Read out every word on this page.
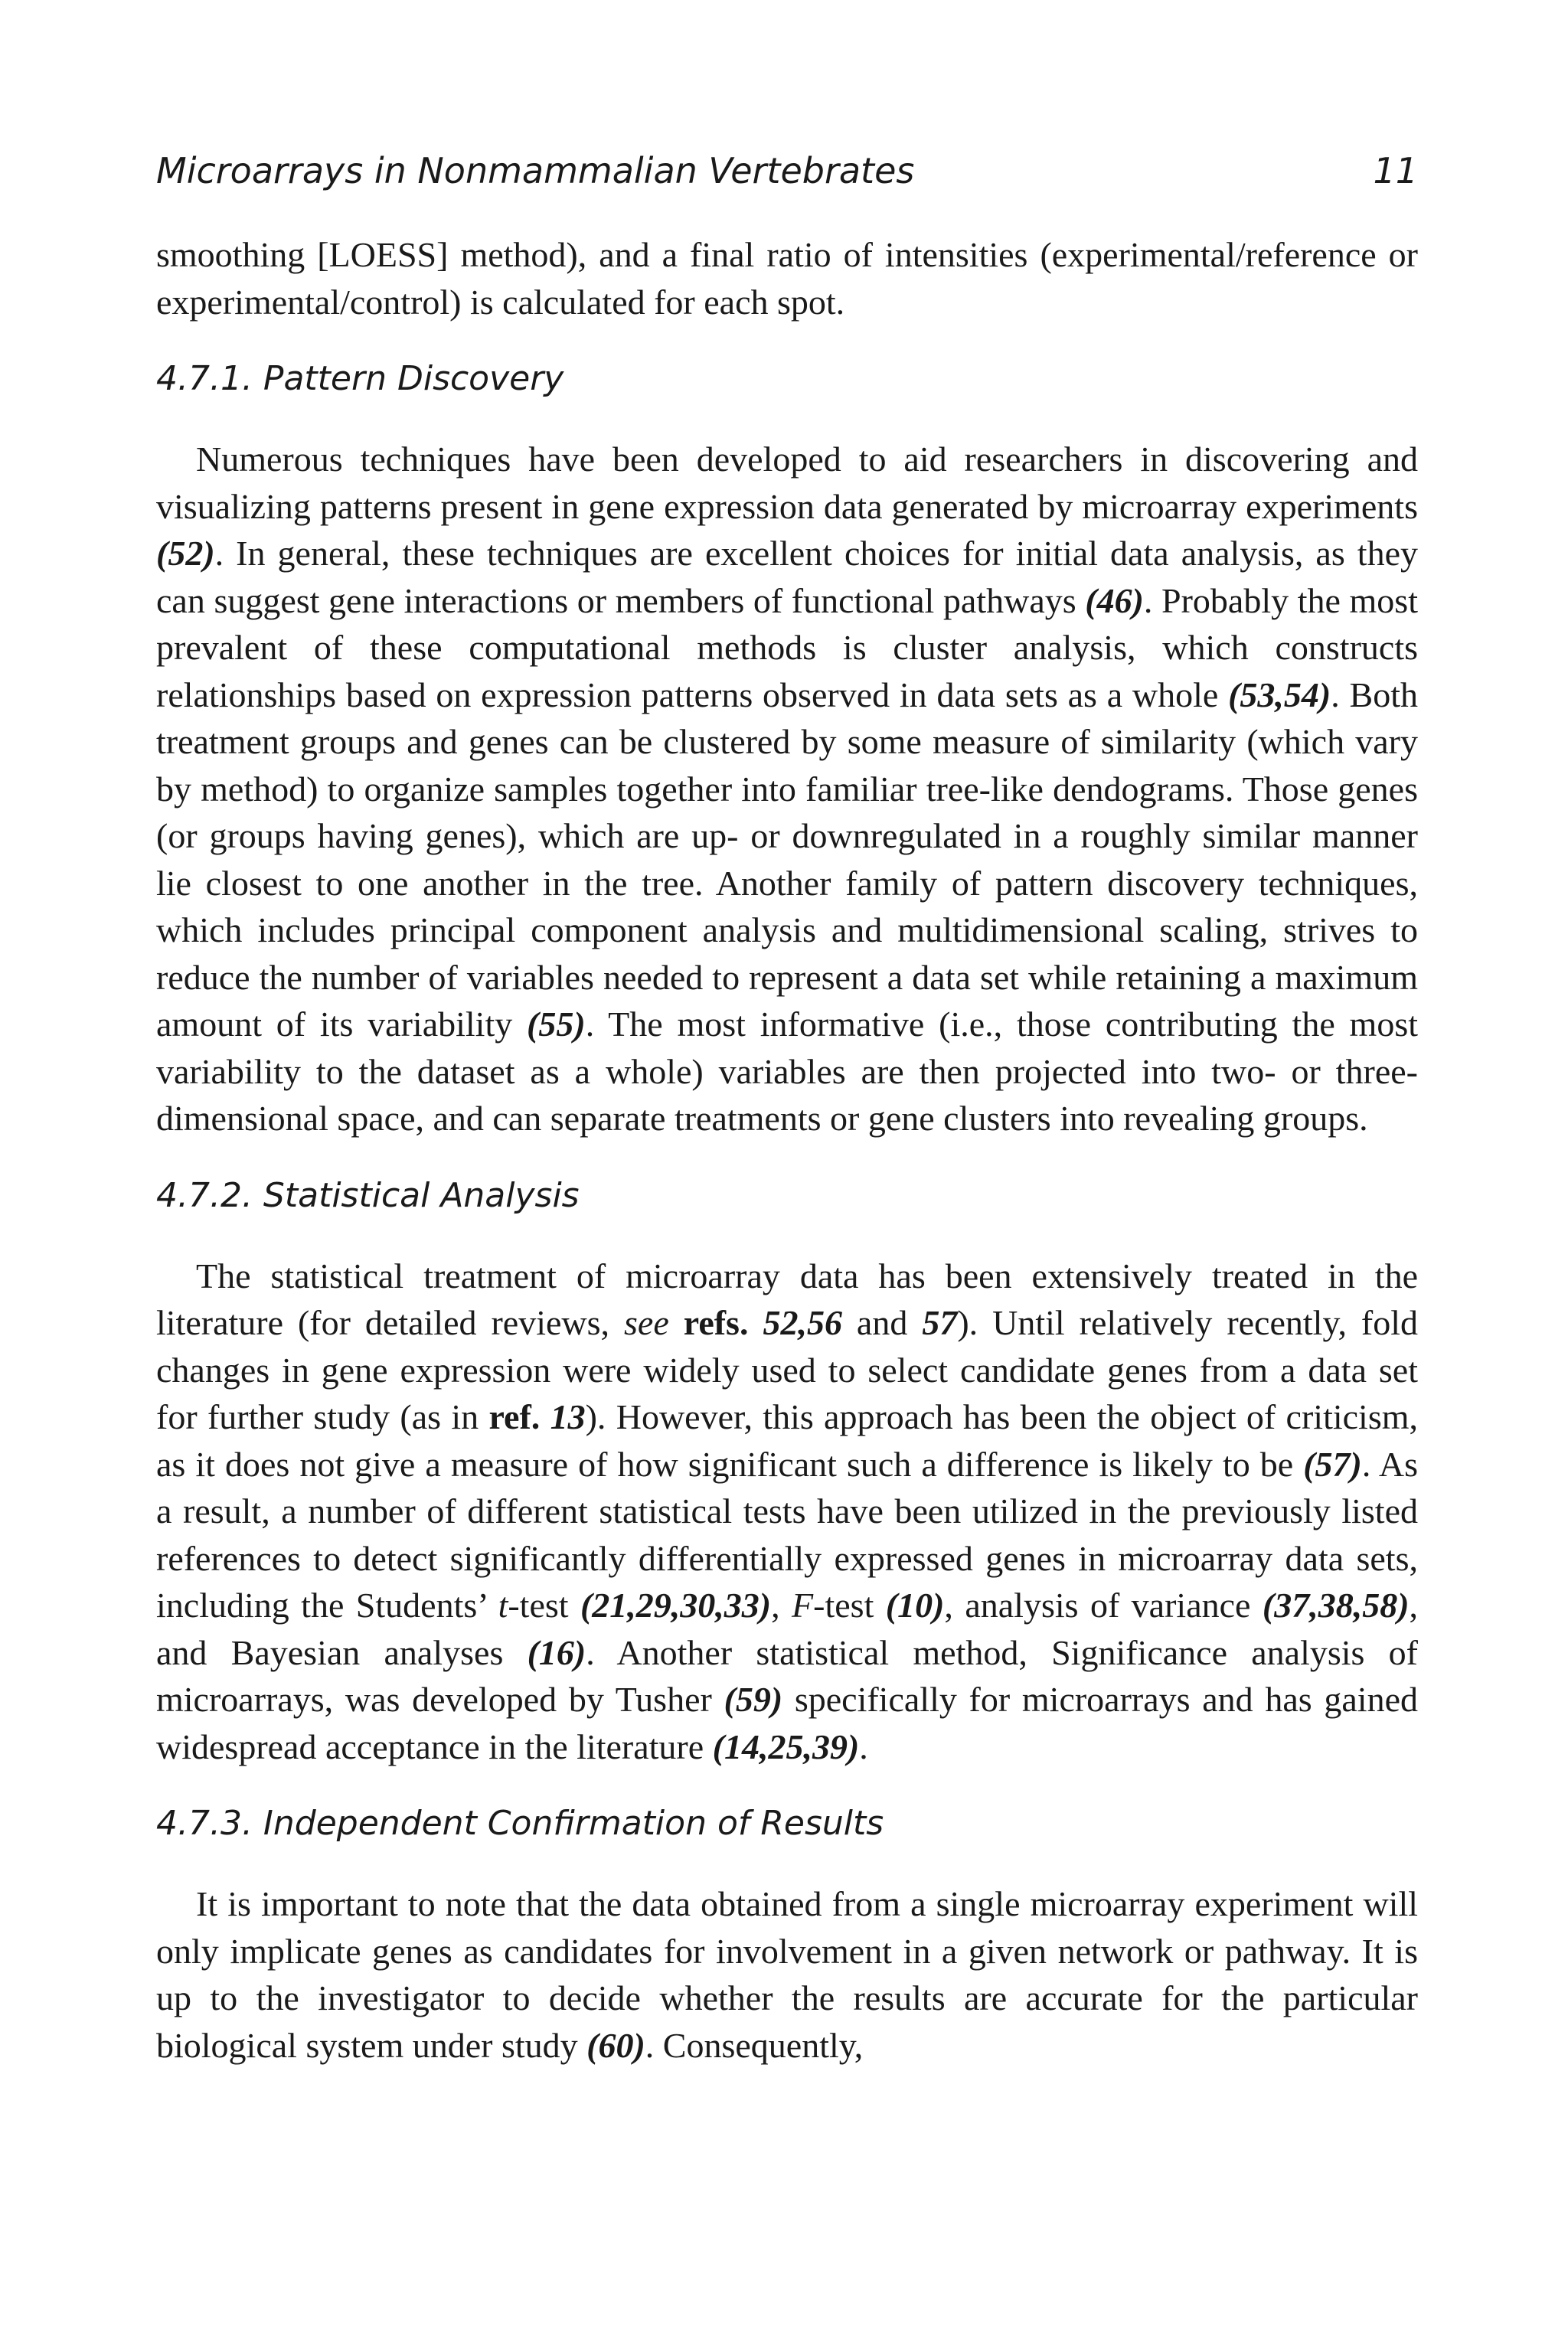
Microarrays in Nonmammalian Vertebrates	11

smoothing [LOESS] method), and a final ratio of intensities (experimental/reference or experimental/control) is calculated for each spot.

4.7.1. Pattern Discovery

Numerous techniques have been developed to aid researchers in discovering and visualizing patterns present in gene expression data generated by microarray experiments (52). In general, these techniques are excellent choices for initial data analysis, as they can suggest gene interactions or members of functional pathways (46). Probably the most prevalent of these computational methods is cluster analysis, which constructs relationships based on expression patterns observed in data sets as a whole (53,54). Both treatment groups and genes can be clustered by some measure of similarity (which vary by method) to organize samples together into familiar tree-like dendograms. Those genes (or groups having genes), which are up- or downregulated in a roughly similar manner lie closest to one another in the tree. Another family of pattern discovery techniques, which includes principal component analysis and multidimensional scaling, strives to reduce the number of variables needed to represent a data set while retaining a maximum amount of its variability (55). The most informative (i.e., those contributing the most variability to the dataset as a whole) variables are then projected into two- or three-dimensional space, and can separate treatments or gene clusters into revealing groups.

4.7.2. Statistical Analysis

The statistical treatment of microarray data has been extensively treated in the literature (for detailed reviews, see refs. 52,56 and 57). Until relatively recently, fold changes in gene expression were widely used to select candidate genes from a data set for further study (as in ref. 13). However, this approach has been the object of criticism, as it does not give a measure of how significant such a difference is likely to be (57). As a result, a number of different statistical tests have been utilized in the previously listed references to detect significantly differentially expressed genes in microarray data sets, including the Students’ t-test (21,29,30,33), F-test (10), analysis of variance (37,38,58), and Bayesian analyses (16). Another statistical method, Significance analysis of microarrays, was developed by Tusher (59) specifically for microarrays and has gained widespread acceptance in the literature (14,25,39).

4.7.3. Independent Confirmation of Results

It is important to note that the data obtained from a single microarray experiment will only implicate genes as candidates for involvement in a given network or pathway. It is up to the investigator to decide whether the results are accurate for the particular biological system under study (60). Consequently,
